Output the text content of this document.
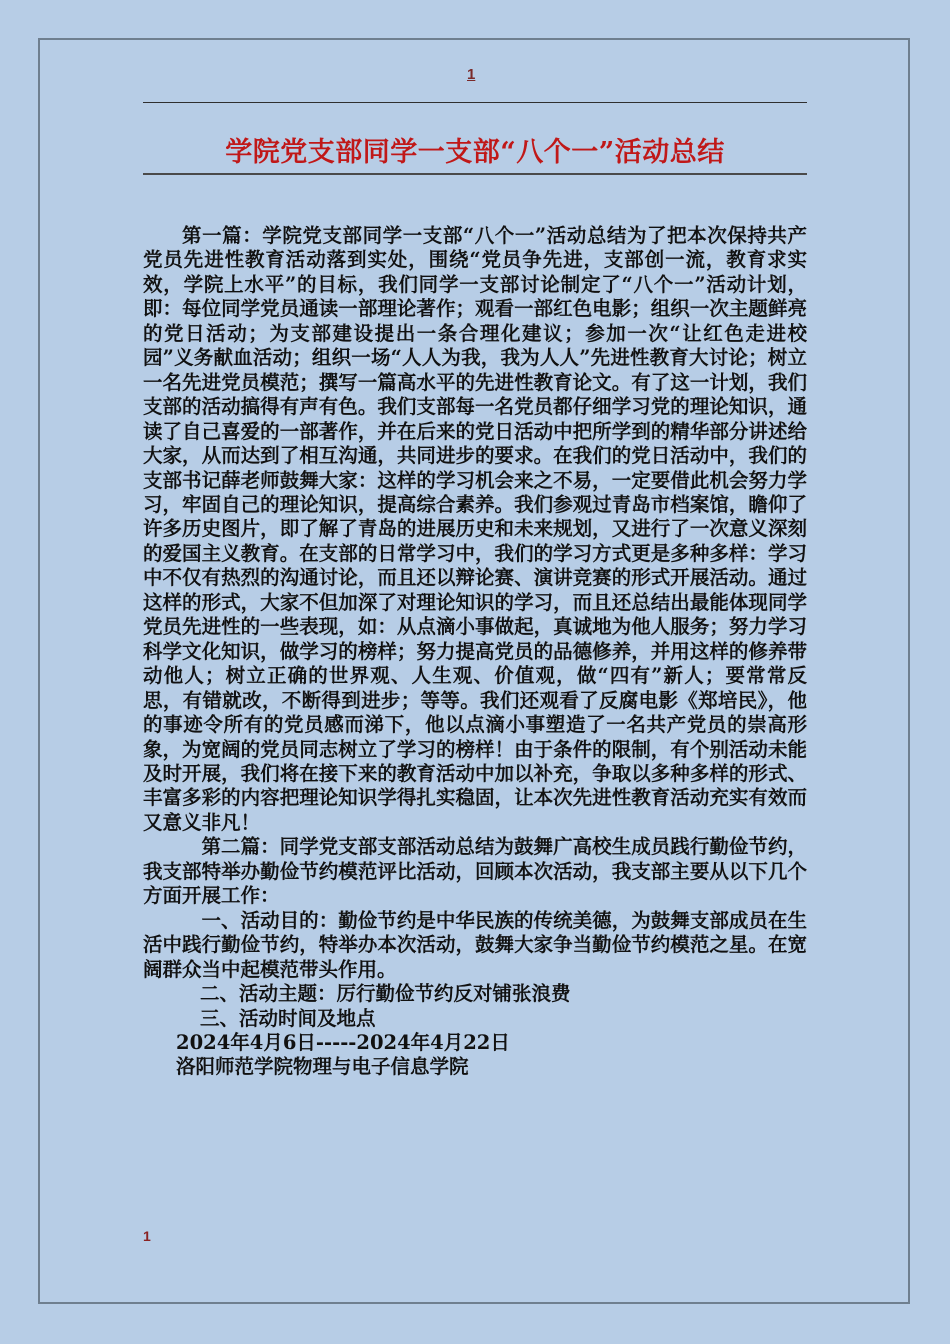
1
学院党支部同学一支部“八个一”活动总结

第一篇：学院党支部同学一支部“八个一”活动总结为了把本次保持共产党员先进性教育活动落到实处，围绕“党员争先进，支部创一流，教育求实效，学院上水平”的目标，我们同学一支部讨论制定了“八个一”活动计划，即：每位同学党员通读一部理论著作；观看一部红色电影；组织一次主题鲜亮的党日活动；为支部建设提出一条合理化建议；参加一次“让红色走进校园”义务献血活动；组织一场“人人为我，我为人人”先进性教育大讨论；树立一名先进党员模范；撰写一篇高水平的先进性教育论文。有了这一计划，我们支部的活动搞得有声有色。我们支部每一名党员都仔细学习党的理论知识，通读了自己喜爱的一部著作，并在后来的党日活动中把所学到的精华部分讲述给大家，从而达到了相互沟通，共同进步的要求。在我们的党日活动中，我们的支部书记薛老师鼓舞大家：这样的学习机会来之不易，一定要借此机会努力学习，牢固自己的理论知识，提高综合素养。我们参观过青岛市档案馆，瞻仰了许多历史图片，即了解了青岛的进展历史和未来规划，又进行了一次意义深刻的爱国主义教育。在支部的日常学习中，我们的学习方式更是多种多样：学习中不仅有热烈的沟通讨论，而且还以辩论赛、演讲竞赛的形式开展活动。通过这样的形式，大家不但加深了对理论知识的学习，而且还总结出最能体现同学党员先进性的一些表现，如：从点滴小事做起，真诚地为他人服务；努力学习科学文化知识，做学习的榜样；努力提高党员的品德修养，并用这样的修养带动他人；树立正确的世界观、人生观、价值观，做“四有”新人；要常常反思，有错就改，不断得到进步；等等。我们还观看了反腐电影《郑培民》，他的事迹令所有的党员感而涕下，他以点滴小事塑造了一名共产党员的崇高形象，为宽阔的党员同志树立了学习的榜样！由于条件的限制，有个别活动未能及时开展，我们将在接下来的教育活动中加以补充，争取以多种多样的形式、丰富多彩的内容把理论知识学得扎实稳固，让本次先进性教育活动充实有效而又意义非凡！

第二篇：同学党支部支部活动总结为鼓舞广高校生成员践行勤俭节约，我支部特举办勤俭节约模范评比活动，回顾本次活动，我支部主要从以下几个方面开展工作：

一、活动目的：勤俭节约是中华民族的传统美德，为鼓舞支部成员在生活中践行勤俭节约，特举办本次活动，鼓舞大家争当勤俭节约模范之星。在宽阔群众当中起模范带头作用。

二、活动主题：厉行勤俭节约反对铺张浪费
三、活动时间及地点
2024年4月6日-----2024年4月22日
洛阳师范学院物理与电子信息学院
1
